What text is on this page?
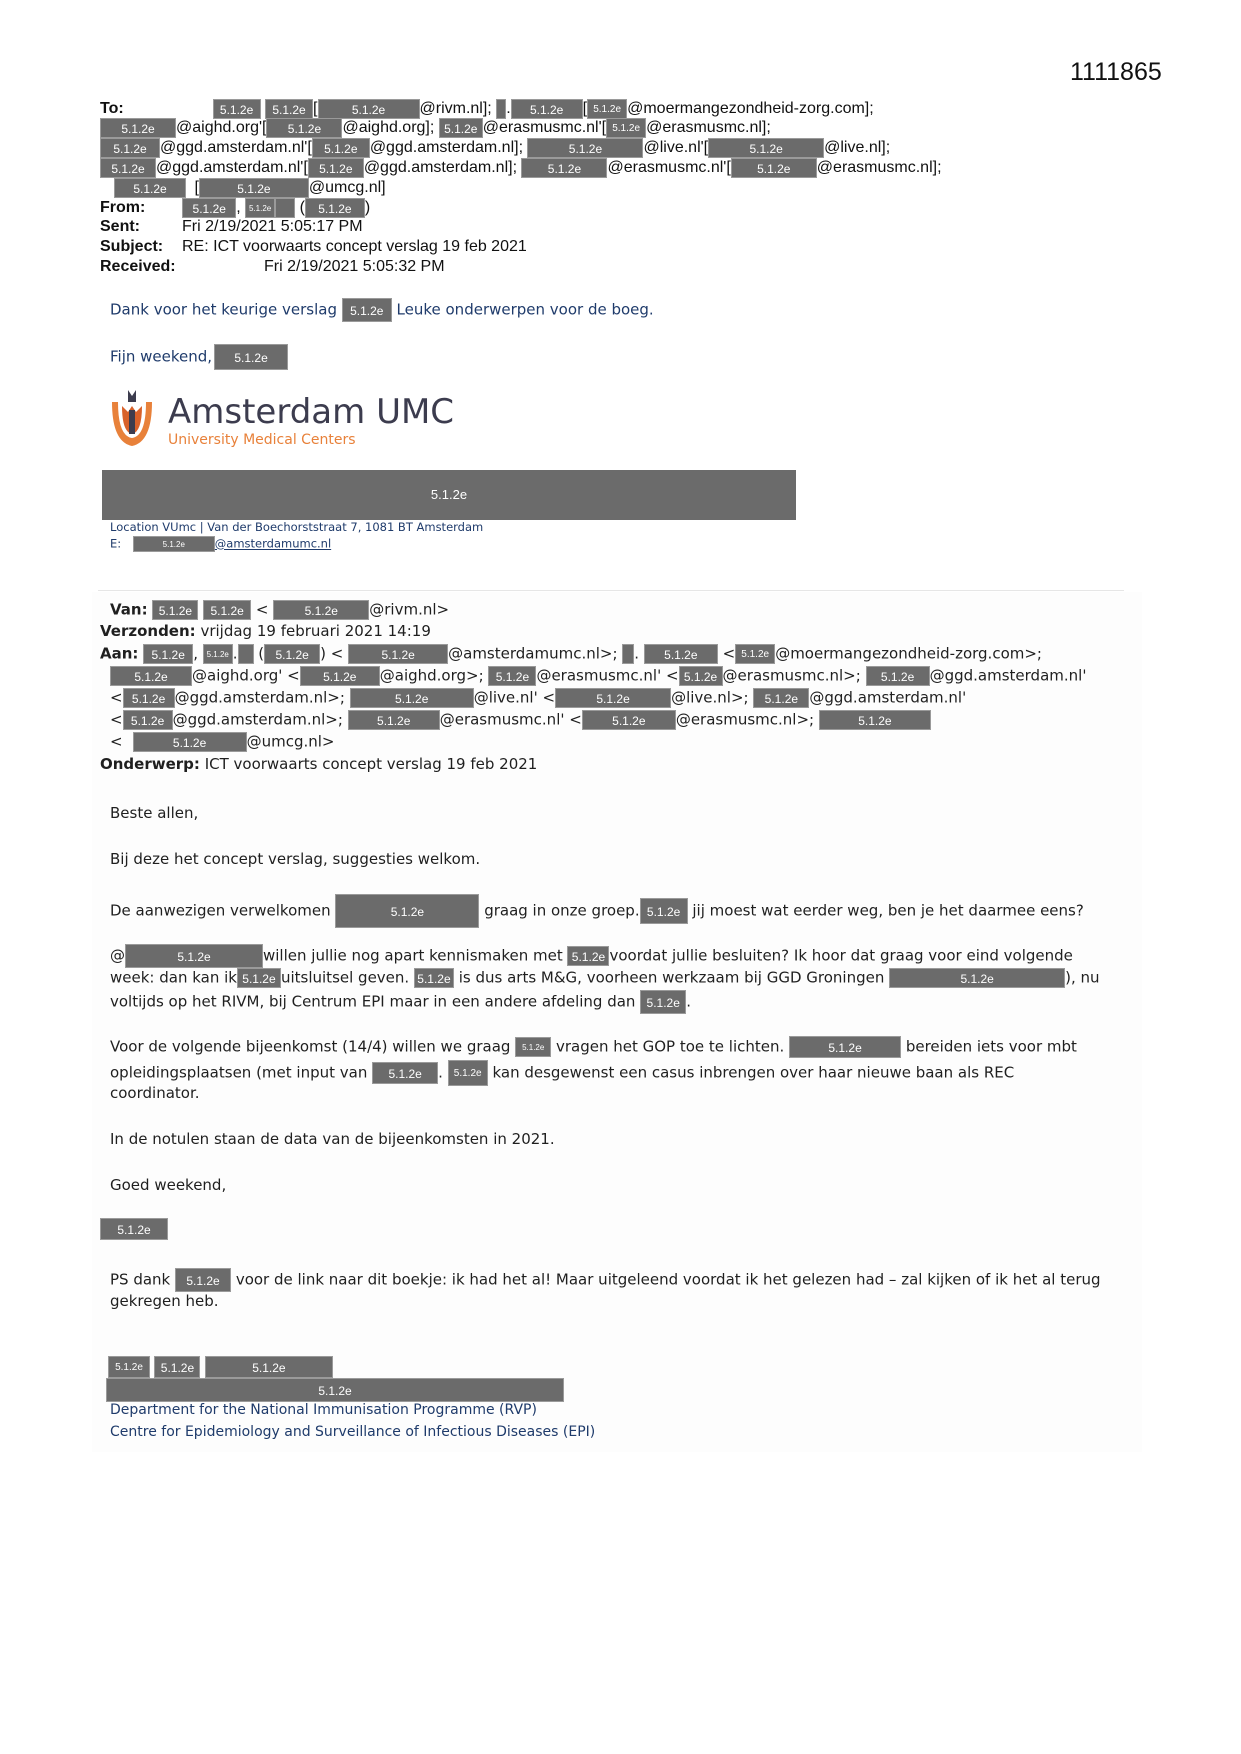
1111865
To:	5.1.2e 5.1.2e [	5.1.2e @rivm.nl]; . 5.1.2e [ 5.1.2e @moermangezondheid-zorg.com];
5.1.2e @aighd.org'[ 5.1.2e @aighd.org]; 5.1.2e @erasmusmc.nl'[ 5.1.2e @erasmusmc.nl];
5.1.2e @ggd.amsterdam.nl'[ 5.1.2e @ggd.amsterdam.nl];	5.1.2e	@live.nl'[	5.1.2e	@live.nl];
5.1.2e @ggd.amsterdam.nl'[ 5.1.2e @ggd.amsterdam.nl];	5.1.2e @erasmusmc.nl'[ 5.1.2e @erasmusmc.nl];
5.1.2e [	5.1.2e @umcg.nl]
From:	5.1.2e , 5.1.2e ( 5.1.2e )
Sent:	Fri 2/19/2021 5:05:17 PM
Subject: RE: ICT voorwaarts concept verslag 19 feb 2021
Received:	Fri 2/19/2021 5:05:32 PM
Dank voor het keurige verslag 5.1.2e Leuke onderwerpen voor de boeg.
Fijn weekend, 5.1.2e
Amsterdam UMC
University Medical Centers
5.1.2e
Location VUmc | Van der Boechorststraat 7, 1081 BT Amsterdam
E:	5.1.2e	@amsterdamumc.nl
Van: 5.1.2e 5.1.2e <	5.1.2e @rivm.nl>
Verzonden: vrijdag 19 februari 2021 14:19
Aan: 5.1.2e , 5.1.2e . ( 5.1.2e ) <	5.1.2e @amsterdamumc.nl>; . 5.1.2e < 5.1.2e @moermangezondheid-zorg.com>;
5.1.2e @aighd.org' < 5.1.2e @aighd.org>; 5.1.2e @erasmusmc.nl' < 5.1.2e @erasmusmc.nl>; 5.1.2e @ggd.amsterdam.nl'
< 5.1.2e @ggd.amsterdam.nl>;	5.1.2e	@live.nl' <	5.1.2e	@live.nl>; 5.1.2e @ggd.amsterdam.nl'
< 5.1.2e @ggd.amsterdam.nl>;	5.1.2e @erasmusmc.nl' <	5.1.2e @erasmusmc.nl>;	5.1.2e
<	5.1.2e	@umcg.nl>
Onderwerp: ICT voorwaarts concept verslag 19 feb 2021
Beste allen,
Bij deze het concept verslag, suggesties welkom.
De aanwezigen verwelkomen	5.1.2e	graag in onze groep. 5.1.2e jij moest wat eerder weg, ben je het daarmee eens?
@	5.1.2e	willen jullie nog apart kennismaken met 5.1.2e voordat jullie besluiten? Ik hoor dat graag voor eind volgende
week: dan kan ik 5.1.2e uitsluitsel geven. 5.1.2e is dus arts M&G, voorheen werkzaam bij GGD Groningen	5.1.2e	), nu
voltijds op het RIVM, bij Centrum EPI maar in een andere afdeling dan 5.1.2e .
Voor de volgende bijeenkomst (14/4) willen we graag 5.1.2e vragen het GOP toe te lichten.	5.1.2e	bereiden iets voor mbt
opleidingsplaatsen (met input van 5.1.2e . 5.1.2e kan desgewenst een casus inbrengen over haar nieuwe baan als REC
coordinator.
In de notulen staan de data van de bijeenkomsten in 2021.
Goed weekend,
5.1.2e
PS dank 5.1.2e voor de link naar dit boekje: ik had het al! Maar uitgeleend voordat ik het gelezen had – zal kijken of ik het al terug
gekregen heb.
5.1.2e 5.1.2e	5.1.2e
5.1.2e
Department for the National Immunisation Programme (RVP)
Centre for Epidemiology and Surveillance of Infectious Diseases (EPI)
